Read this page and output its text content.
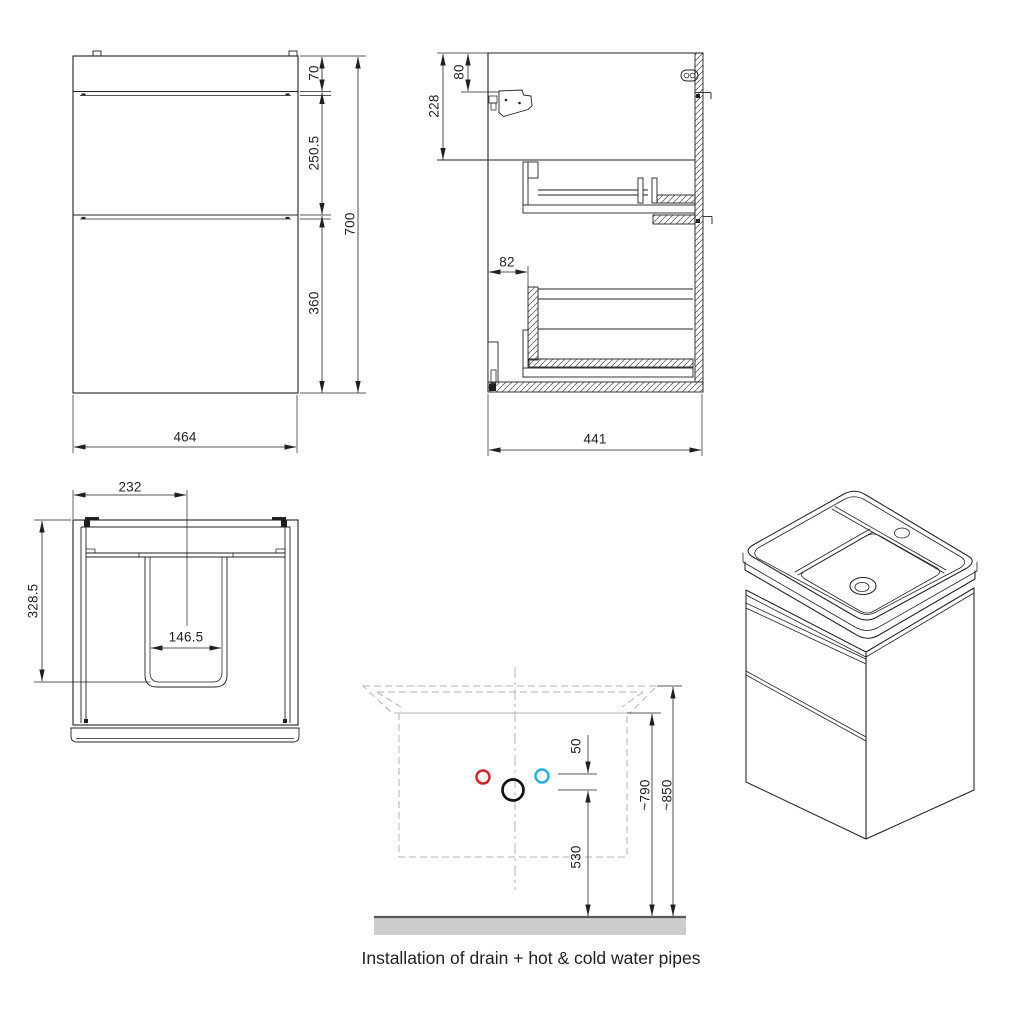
70
250.5
360
700
464
80
228
82
441
232
146.5
328.5
50
530
~790 ~850
Installation of drain + hot & cold water pipes
